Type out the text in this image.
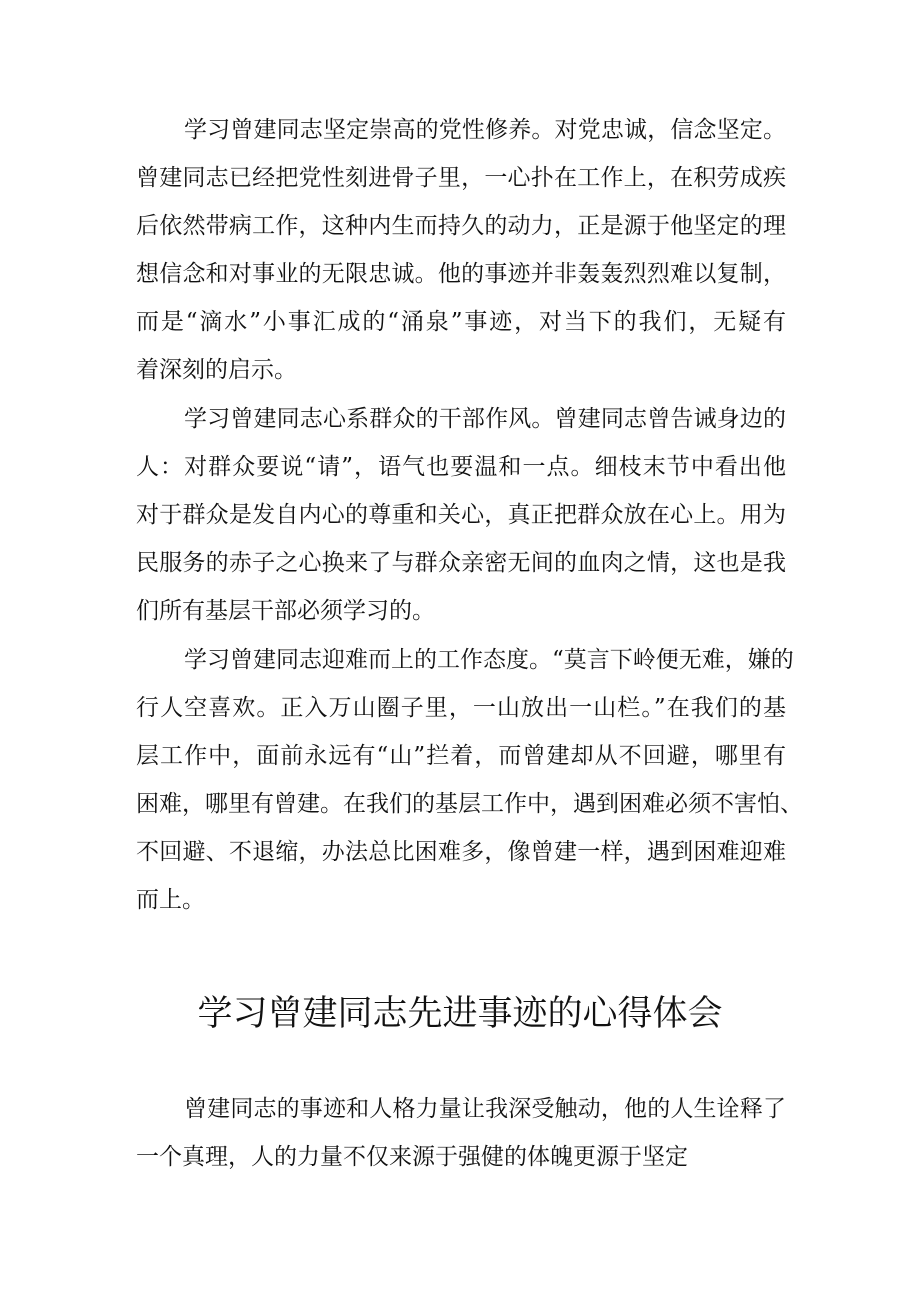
学习曾建同志坚定崇高的党性修养。对党忠诚，信念坚定。
曾建同志已经把党性刻进骨子里，一心扑在工作上，在积劳成疾
后依然带病工作，这种内生而持久的动力，正是源于他坚定的理
想信念和对事业的无限忠诚。他的事迹并非轰轰烈烈难以复制，
而是“滴水”小事汇成的“涌泉”事迹，对当下的我们，无疑有
着深刻的启示。
学习曾建同志心系群众的干部作风。曾建同志曾告诫身边的
人：对群众要说“请”，语气也要温和一点。细枝末节中看出他
对于群众是发自内心的尊重和关心，真正把群众放在心上。用为
民服务的赤子之心换来了与群众亲密无间的血肉之情，这也是我
们所有基层干部必须学习的。
学习曾建同志迎难而上的工作态度。“莫言下岭便无难，嫌的
行人空喜欢。正入万山圈子里，一山放出一山栏。”在我们的基
层工作中，面前永远有“山”拦着，而曾建却从不回避，哪里有
困难，哪里有曾建。在我们的基层工作中，遇到困难必须不害怕、
不回避、不退缩，办法总比困难多，像曾建一样，遇到困难迎难
而上。
学习曾建同志先进事迹的心得体会
曾建同志的事迹和人格力量让我深受触动，他的人生诠释了
一个真理，人的力量不仅来源于强健的体魄更源于坚定
